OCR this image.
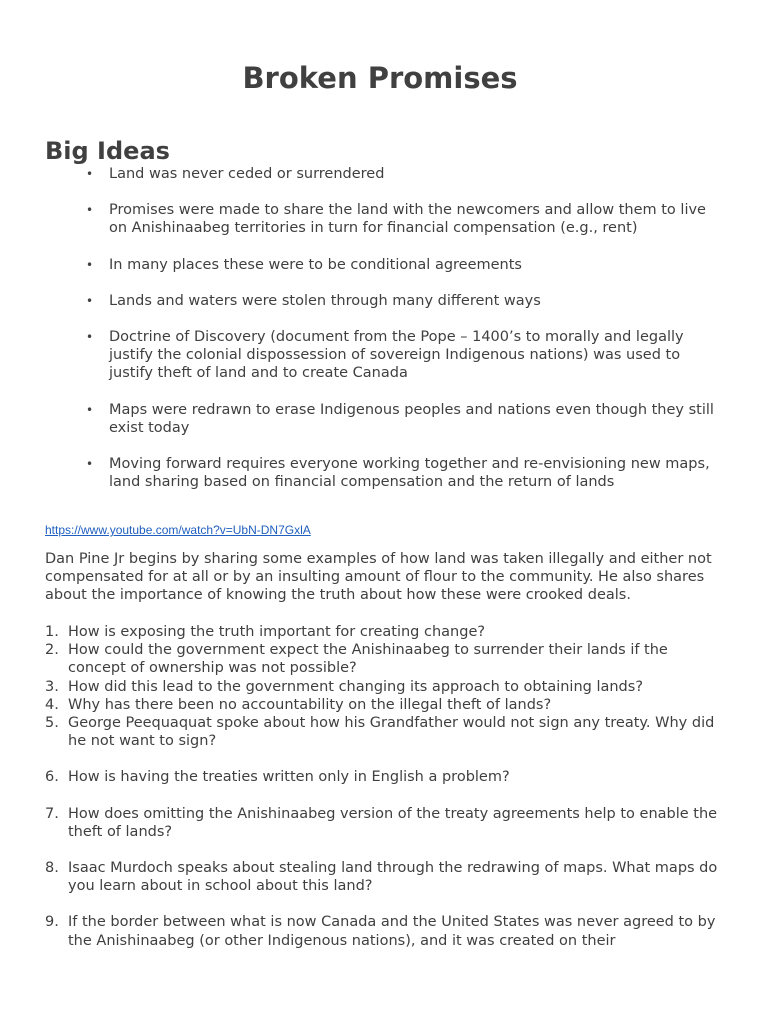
Broken Promises
Big Ideas
• Land was never ceded or surrendered
• Promises were made to share the land with the newcomers and allow them to live on Anishinaabeg territories in turn for financial compensation (e.g., rent)
• In many places these were to be conditional agreements
• Lands and waters were stolen through many different ways
• Doctrine of Discovery (document from the Pope – 1400’s to morally and legally justify the colonial dispossession of sovereign Indigenous nations) was used to justify theft of land and to create Canada
• Maps were redrawn to erase Indigenous peoples and nations even though they still exist today
• Moving forward requires everyone working together and re-envisioning new maps, land sharing based on financial compensation and the return of lands
https://www.youtube.com/watch?v=UbN-DN7GxlA

Dan Pine Jr begins by sharing some examples of how land was taken illegally and either not compensated for at all or by an insulting amount of flour to the community. He also shares about the importance of knowing the truth about how these were crooked deals.

1. How is exposing the truth important for creating change?
2. How could the government expect the Anishinaabeg to surrender their lands if the concept of ownership was not possible?
3. How did this lead to the government changing its approach to obtaining lands?
4. Why has there been no accountability on the illegal theft of lands?
5. George Peequaquat spoke about how his Grandfather would not sign any treaty. Why did he not want to sign?
6. How is having the treaties written only in English a problem?
7. How does omitting the Anishinaabeg version of the treaty agreements help to enable the theft of lands?
8. Isaac Murdoch speaks about stealing land through the redrawing of maps. What maps do you learn about in school about this land?
9. If the border between what is now Canada and the United States was never agreed to by the Anishinaabeg (or other Indigenous nations), and it was created on their
